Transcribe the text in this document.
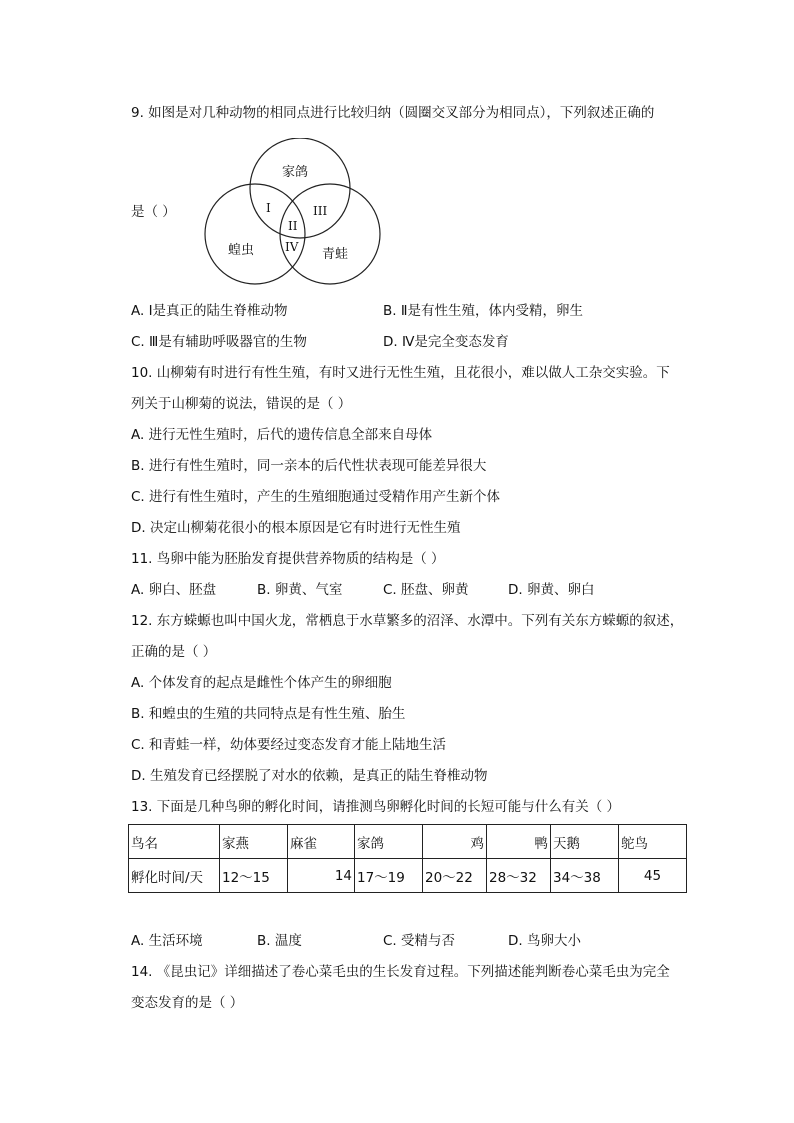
9. 如图是对几种动物的相同点进行比较归纳（圆圈交叉部分为相同点），下列叙述正确的
家鸽
蝗虫	青蛙
I
II
III
IV
是（ ）
A. Ⅰ是真正的陆生脊椎动物	B. Ⅱ是有性生殖，体内受精，卵生
C. Ⅲ是有辅助呼吸器官的生物	D. Ⅳ是完全变态发育
10. 山柳菊有时进行有性生殖，有时又进行无性生殖，且花很小，难以做人工杂交实验。下
列关于山柳菊的说法，错误的是（ ）
A. 进行无性生殖时，后代的遗传信息全部来自母体
B. 进行有性生殖时，同一亲本的后代性状表现可能差异很大
C. 进行有性生殖时，产生的生殖细胞通过受精作用产生新个体
D. 决定山柳菊花很小的根本原因是它有时进行无性生殖
11. 鸟卵中能为胚胎发育提供营养物质的结构是（ ）
A. 卵白、胚盘	B. 卵黄、气室	C. 胚盘、卵黄	D. 卵黄、卵白
12. 东方蝾螈也叫中国火龙，常栖息于水草繁多的沼泽、水潭中。下列有关东方蝾螈的叙述，
正确的是（ ）
A. 个体发育的起点是雌性个体产生的卵细胞
B. 和蝗虫的生殖的共同特点是有性生殖、胎生
C. 和青蛙一样，幼体要经过变态发育才能上陆地生活
D. 生殖发育已经摆脱了对水的依赖，是真正的陆生脊椎动物
13. 下面是几种鸟卵的孵化时间，请推测鸟卵孵化时间的长短可能与什么有关（ ）
鸟名	家燕	麻雀	家鸽	鸡	鸭	天鹅	鸵鸟
孵化时间/天	12～15	14	17～19	20～22	28～32	34～38	45
A. 生活环境	B. 温度	C. 受精与否	D. 鸟卵大小
14. 《昆虫记》详细描述了卷心菜毛虫的生长发育过程。下列描述能判断卷心菜毛虫为完全
变态发育的是（ ）
